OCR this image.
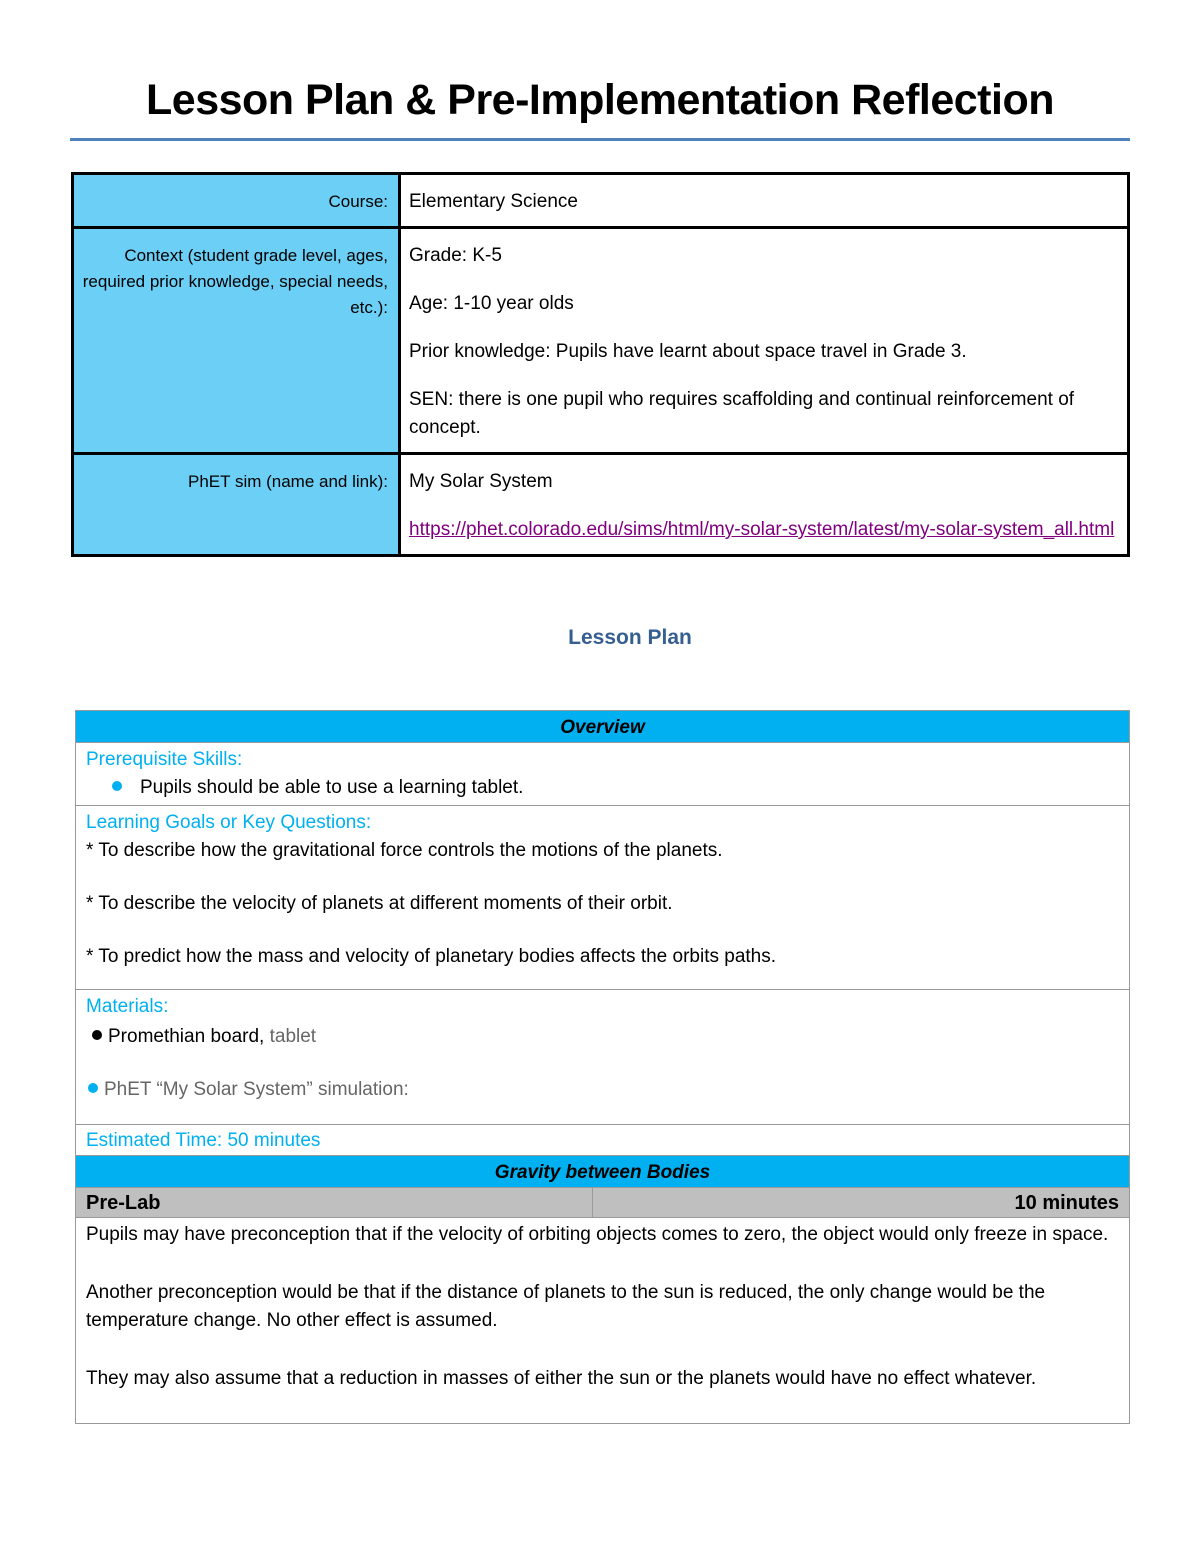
Lesson Plan & Pre-Implementation Reflection
Course:	Elementary Science
Context (student grade level, ages, required prior knowledge, special needs, etc.):	Grade: K-5

Age: 1-10 year olds

Prior knowledge: Pupils have learnt about space travel in Grade 3.

SEN: there is one pupil who requires scaffolding and continual reinforcement of concept.

PhET sim (name and link):	My Solar System

https://phet.colorado.edu/sims/html/my-solar-system/latest/my-solar-system_all.html

Lesson Plan
Overview

Prerequisite Skills:
Pupils should be able to use a learning tablet.

Learning Goals or Key Questions:
* To describe how the gravitational force controls the motions of the planets.
* To describe the velocity of planets at different moments of their orbit.
* To predict how the mass and velocity of planetary bodies affects the orbits paths.

Materials:
Promethian board, tablet
PhET “My Solar System” simulation:

Estimated Time: 50 minutes
Gravity between Bodies
Pre-Lab	10 minutes

Pupils may have preconception that if the velocity of orbiting objects comes to zero, the object would only freeze in space.
Another preconception would be that if the distance of planets to the sun is reduced, the only change would be the temperature change. No other effect is assumed.
They may also assume that a reduction in masses of either the sun or the planets would have no effect whatever.
